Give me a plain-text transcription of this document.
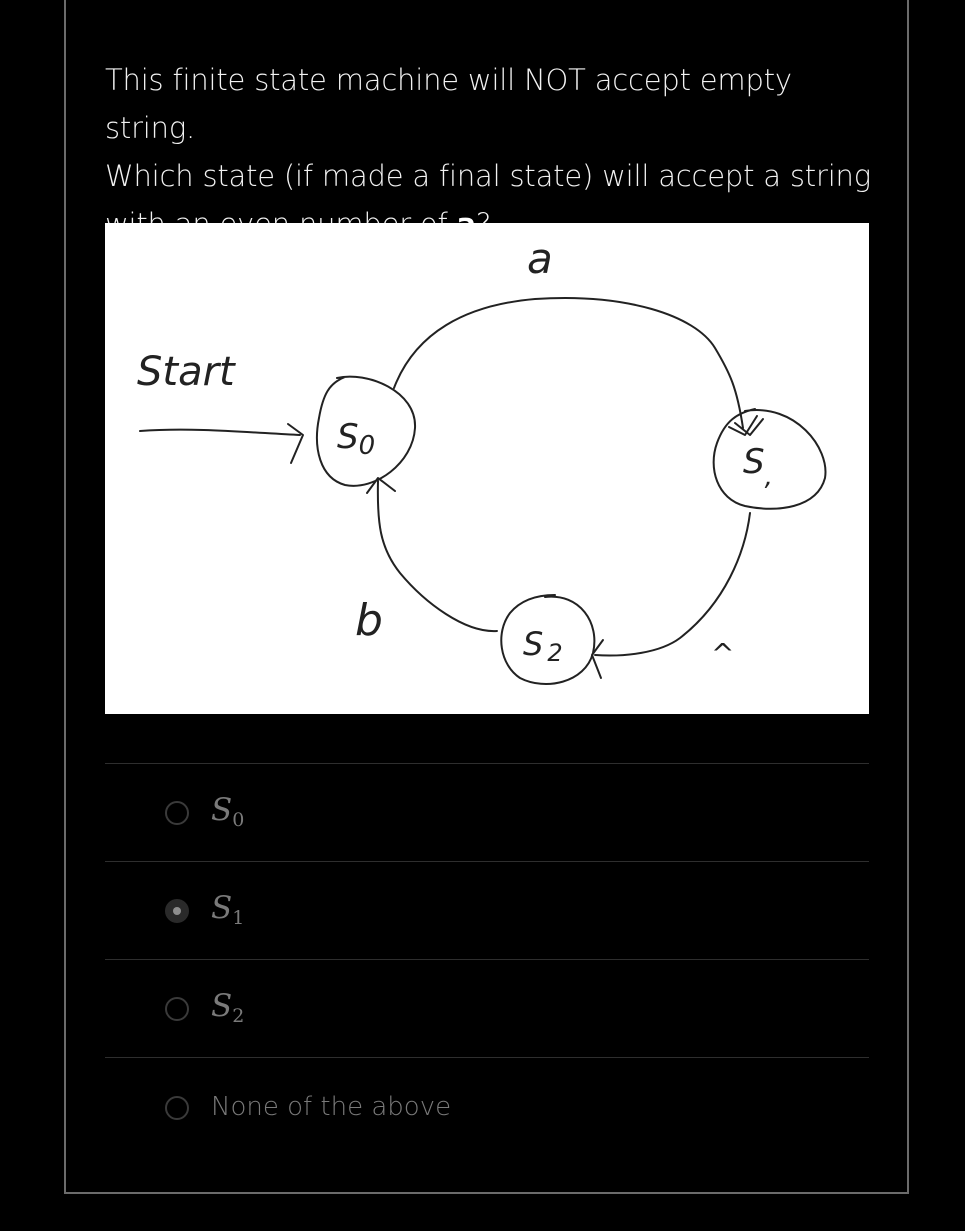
This finite state machine will NOT accept empty string.
Which state (if made a final state) will accept a string
Start
S0	$S_,$
S 2
a
b
^
$S_0$
$S_1$
$S_2$
None of the above
